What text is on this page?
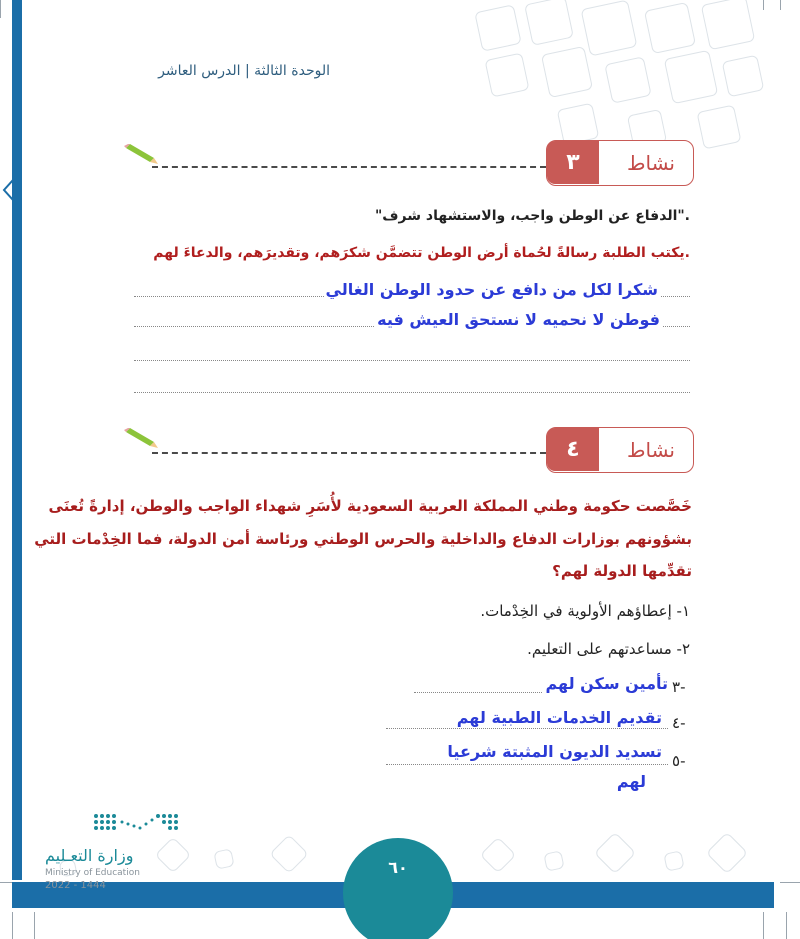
الوحدة الثالثة | الدرس العاشر
٣	نشاط
"الدفاع عن الوطن واجب، والاستشهاد شرف".
يكتب الطلبة رسالةً لحُماة أرض الوطن تتضمَّن شكرَهم، وتقديرَهم، والدعاءَ لهم.
شكرا لكل من دافع عن حدود الوطن الغالي
فوطن لا نحميه لا نستحق العيش فيه
٤	نشاط
خَصَّصت حكومة وطني المملكة العربية السعودية لأُسَرِ شهداء الواجب والوطن، إدارةً تُعنَى
بشؤونهم بوزارات الدفاع والداخلية والحرس الوطني ورئاسة أمن الدولة، فما الخِدْمات التي
تقدِّمها الدولة لهم؟
١- إعطاؤهم الأولوية في الخِدْمات.
٢- مساعدتهم على التعليم.
٣-
تأمين سكن لهم
٤-
تقديم الخدمات الطبية لهم
٥-
تسديد الديون المثبتة شرعيا
لهم
وزارة التعـليم
Ministry of Education
2022 - 1444
٦٠
